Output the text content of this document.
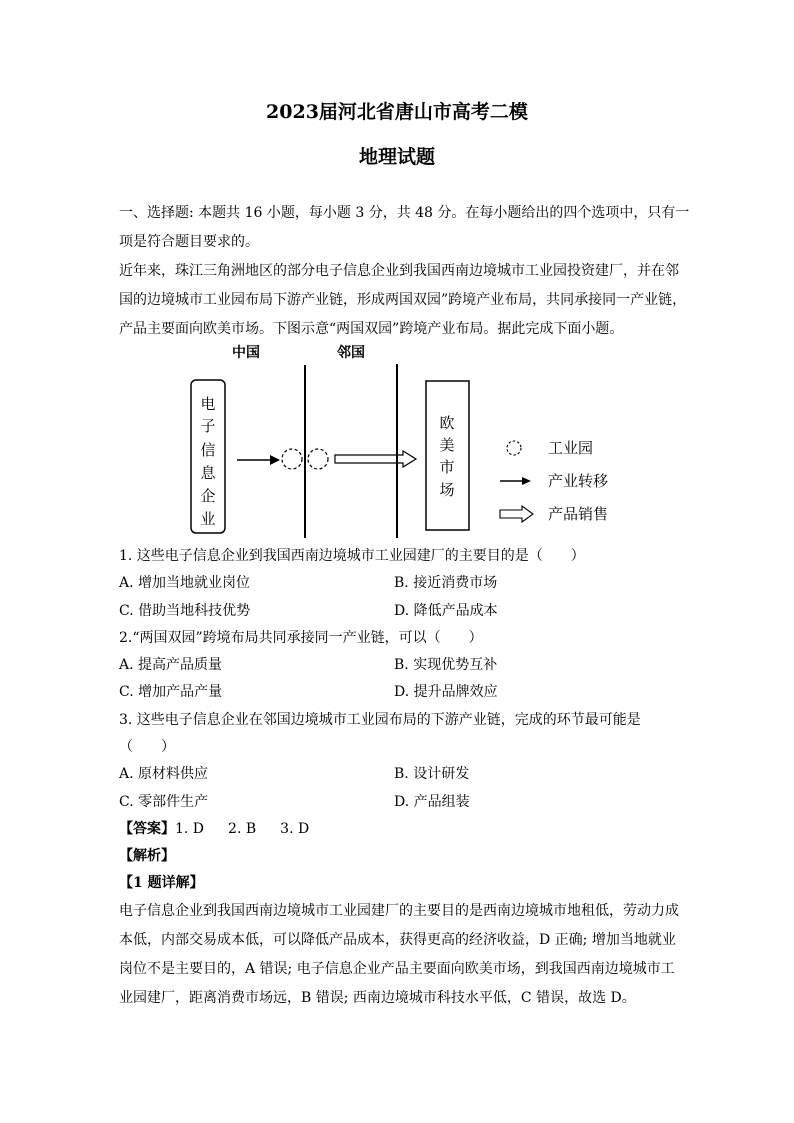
2023届河北省唐山市高考二模
地理试题
一、选择题: 本题共 16 小题，每小题 3 分，共 48 分。在每小题给出的四个选项中，只有一
项是符合题目要求的。
近年来，珠江三角洲地区的部分电子信息企业到我国西南边境城市工业园投资建厂，并在邻
国的边境城市工业园布局下游产业链，形成两国双园”跨境产业布局，共同承接同一产业链，
产品主要面向欧美市场。下图示意“两国双园”跨境产业布局。据此完成下面小题。
中国	邻国
电
子
信
息
企
业
欧
美
市
场
工业园
产业转移
产品销售
1. 这些电子信息企业到我国西南边境城市工业园建厂的主要目的是（　　）
A. 增加当地就业岗位	B. 接近消费市场
C. 借助当地科技优势	D. 降低产品成本
2.“两国双园”跨境布局共同承接同一产业链，可以（　　）
A. 提高产品质量	B. 实现优势互补
C. 增加产品产量	D. 提升品牌效应
3. 这些电子信息企业在邻国边境城市工业园布局的下游产业链，完成的环节最可能是
（　　）
A. 原材料供应	B. 设计研发
C. 零部件生产	D. 产品组装
【答案】1. D 2. B 3. D
【解析】
【1 题详解】
电子信息企业到我国西南边境城市工业园建厂的主要目的是西南边境城市地租低，劳动力成
本低，内部交易成本低，可以降低产品成本，获得更高的经济收益，D 正确; 增加当地就业
岗位不是主要目的，A 错误; 电子信息企业产品主要面向欧美市场，到我国西南边境城市工
业园建厂，距离消费市场远，B 错误; 西南边境城市科技水平低，C 错误，故选 D。
